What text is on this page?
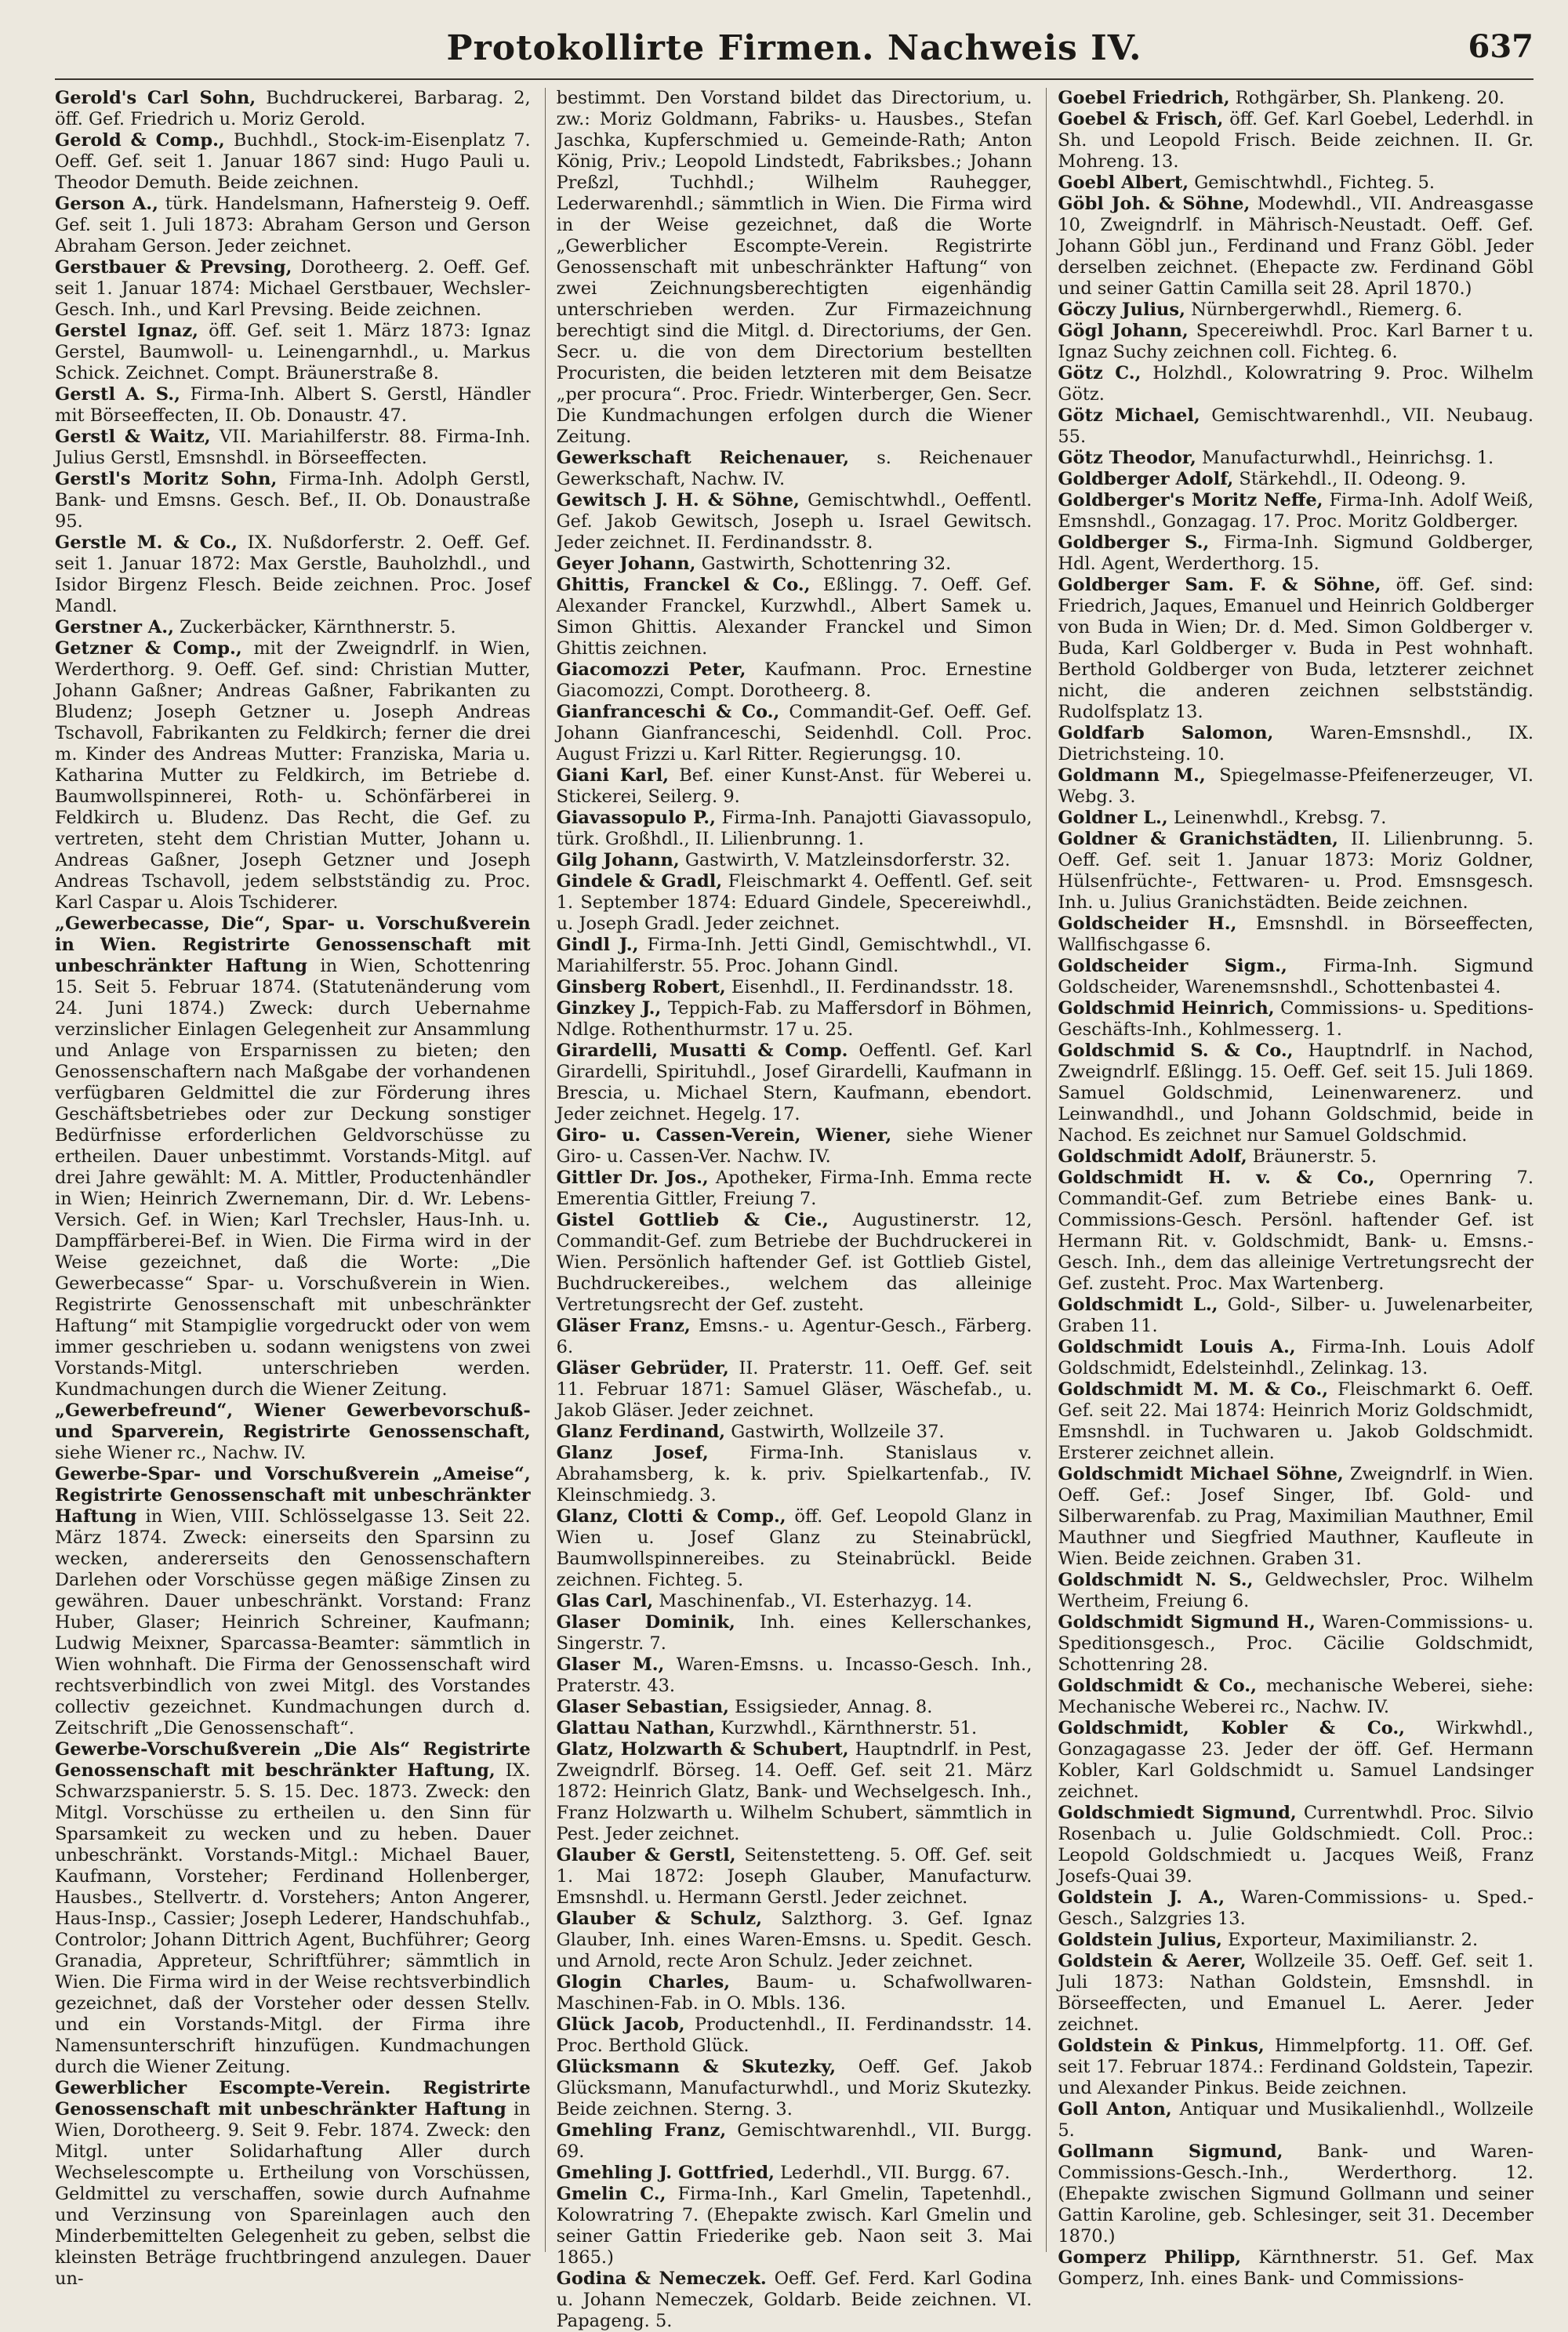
Protokollirte Firmen. Nachweis IV.	637

Gerold's Carl Sohn, Buchdruckerei, Barbarag. 2, öff. Gef. Friedrich u. Moriz Gerold.

Gerold & Comp., Buchhdl., Stock-im-Eisenplatz 7. Oeff. Gef. seit 1. Januar 1867 sind: Hugo Pauli u. Theodor Demuth. Beide zeichnen.

Gerson A., türk. Handelsmann, Hafnersteig 9. Oeff. Gef. seit 1. Juli 1873: Abraham Gerson und Gerson Abraham Gerson. Jeder zeichnet.

Gerstbauer & Prevsing, Dorotheerg. 2. Oeff. Gef. seit 1. Januar 1874: Michael Gerstbauer, Wechsler-Gesch. Inh., und Karl Prevsing. Beide zeichnen.

Gerstel Ignaz, öff. Gef. seit 1. März 1873: Ignaz Gerstel, Baumwoll- u. Leinengarnhdl., u. Markus Schick. Zeichnet. Compt. Bräunerstraße 8.

Gerstl A. S., Firma-Inh. Albert S. Gerstl, Händler mit Börseeffecten, II. Ob. Donaustr. 47.

Gerstl & Waitz, VII. Mariahilferstr. 88. Firma-Inh. Julius Gerstl, Emsnshdl. in Börseeffecten.

Gerstl's Moritz Sohn, Firma-Inh. Adolph Gerstl, Bank- und Emsns. Gesch. Bef., II. Ob. Donaustraße 95.

Gerstle M. & Co., IX. Nußdorferstr. 2. Oeff. Gef. seit 1. Januar 1872: Max Gerstle, Bauholzhdl., und Isidor Birgenz Flesch. Beide zeichnen. Proc. Josef Mandl.

Gerstner A., Zuckerbäcker, Kärnthnerstr. 5.

Getzner & Comp., mit der Zweigndrlf. in Wien, Werderthorg. 9. Oeff. Gef. sind: Christian Mutter, Johann Gaßner; Andreas Gaßner, Fabrikanten zu Bludenz; Joseph Getzner u. Joseph Andreas Tschavoll, Fabrikanten zu Feldkirch; ferner die drei m. Kinder des Andreas Mutter: Franziska, Maria u. Katharina Mutter zu Feldkirch, im Betriebe d. Baumwollspinnerei, Roth- u. Schönfärberei in Feldkirch u. Bludenz. Das Recht, die Gef. zu vertreten, steht dem Christian Mutter, Johann u. Andreas Gaßner, Joseph Getzner und Joseph Andreas Tschavoll, jedem selbstständig zu. Proc. Karl Caspar u. Alois Tschiderer.

„Gewerbecasse, Die“, Spar- u. Vorschußverein in Wien. Registrirte Genossenschaft mit unbeschränkter Haftung in Wien, Schottenring 15. Seit 5. Februar 1874. (Statutenänderung vom 24. Juni 1874.) Zweck: durch Uebernahme verzinslicher Einlagen Gelegenheit zur Ansammlung und Anlage von Ersparnissen zu bieten; den Genossenschaftern nach Maßgabe der vorhandenen verfügbaren Geldmittel die zur Förderung ihres Geschäftsbetriebes oder zur Deckung sonstiger Bedürfnisse erforderlichen Geldvorschüsse zu ertheilen. Dauer unbestimmt. Vorstands-Mitgl. auf drei Jahre gewählt: M. A. Mittler, Productenhändler in Wien; Heinrich Zwernemann, Dir. d. Wr. Lebens-Versich. Gef. in Wien; Karl Trechsler, Haus-Inh. u. Dampffärberei-Bef. in Wien. Die Firma wird in der Weise gezeichnet, daß die Worte: „Die Gewerbecasse“ Spar- u. Vorschußverein in Wien. Registrirte Genossenschaft mit unbeschränkter Haftung“ mit Stampiglie vorgedruckt oder von wem immer geschrieben u. sodann wenigstens von zwei Vorstands-Mitgl. unterschrieben werden. Kundmachungen durch die Wiener Zeitung.

„Gewerbefreund“, Wiener Gewerbevorschuß- und Sparverein, Registrirte Genossenschaft, siehe Wiener rc., Nachw. IV.

Gewerbe-Spar- und Vorschußverein „Ameise“, Registrirte Genossenschaft mit unbeschränkter Haftung in Wien, VIII. Schlösselgasse 13. Seit 22. März 1874. Zweck: einerseits den Sparsinn zu wecken, andererseits den Genossenschaftern Darlehen oder Vorschüsse gegen mäßige Zinsen zu gewähren. Dauer unbeschränkt. Vorstand: Franz Huber, Glaser; Heinrich Schreiner, Kaufmann; Ludwig Meixner, Sparcassa-Beamter: sämmtlich in Wien wohnhaft. Die Firma der Genossenschaft wird rechtsverbindlich von zwei Mitgl. des Vorstandes collectiv gezeichnet. Kundmachungen durch d. Zeitschrift „Die Genossenschaft“.

Gewerbe-Vorschußverein „Die Als“ Registrirte Genossenschaft mit beschränkter Haftung, IX. Schwarzspanierstr. 5. S. 15. Dec. 1873. Zweck: den Mitgl. Vorschüsse zu ertheilen u. den Sinn für Sparsamkeit zu wecken und zu heben. Dauer unbeschränkt. Vorstands-Mitgl.: Michael Bauer, Kaufmann, Vorsteher; Ferdinand Hollenberger, Hausbes., Stellvertr. d. Vorstehers; Anton Angerer, Haus-Insp., Cassier; Joseph Lederer, Handschuhfab., Controlor; Johann Dittrich Agent, Buchführer; Georg Granadia, Appreteur, Schriftführer; sämmtlich in Wien. Die Firma wird in der Weise rechtsverbindlich gezeichnet, daß der Vorsteher oder dessen Stellv. und ein Vorstands-Mitgl. der Firma ihre Namensunterschrift hinzufügen. Kundmachungen durch die Wiener Zeitung.

Gewerblicher Escompte-Verein. Registrirte Genossenschaft mit unbeschränkter Haftung in Wien, Dorotheerg. 9. Seit 9. Febr. 1874. Zweck: den Mitgl. unter Solidarhaftung Aller durch Wechselescompte u. Ertheilung von Vorschüssen, Geldmittel zu verschaffen, sowie durch Aufnahme und Verzinsung von Spareinlagen auch den Minderbemittelten Gelegenheit zu geben, selbst die kleinsten Beträge fruchtbringend anzulegen. Dauer un-

bestimmt. Den Vorstand bildet das Directorium, u. zw.: Moriz Goldmann, Fabriks- u. Hausbes., Stefan Jaschka, Kupferschmied u. Gemeinde-Rath; Anton König, Priv.; Leopold Lindstedt, Fabriksbes.; Johann Preßzl, Tuchhdl.; Wilhelm Rauhegger, Lederwarenhdl.; sämmtlich in Wien. Die Firma wird in der Weise gezeichnet, daß die Worte „Gewerblicher Escompte-Verein. Registrirte Genossenschaft mit unbeschränkter Haftung“ von zwei Zeichnungsberechtigten eigenhändig unterschrieben werden. Zur Firmazeichnung berechtigt sind die Mitgl. d. Directoriums, der Gen. Secr. u. die von dem Directorium bestellten Procuristen, die beiden letzteren mit dem Beisatze „per procura“. Proc. Friedr. Winterberger, Gen. Secr. Die Kundmachungen erfolgen durch die Wiener Zeitung.

Gewerkschaft Reichenauer, s. Reichenauer Gewerkschaft, Nachw. IV.

Gewitsch J. H. & Söhne, Gemischtwhdl., Oeffentl. Gef. Jakob Gewitsch, Joseph u. Israel Gewitsch. Jeder zeichnet. II. Ferdinandsstr. 8.

Geyer Johann, Gastwirth, Schottenring 32.

Ghittis, Franckel & Co., Eßlingg. 7. Oeff. Gef. Alexander Franckel, Kurzwhdl., Albert Samek u. Simon Ghittis. Alexander Franckel und Simon Ghittis zeichnen.

Giacomozzi Peter, Kaufmann. Proc. Ernestine Giacomozzi, Compt. Dorotheerg. 8.

Gianfranceschi & Co., Commandit-Gef. Oeff. Gef. Johann Gianfranceschi, Seidenhdl. Coll. Proc. August Frizzi u. Karl Ritter. Regierungsg. 10.

Giani Karl, Bef. einer Kunst-Anst. für Weberei u. Stickerei, Seilerg. 9.

Giavassopulo P., Firma-Inh. Panajotti Giavassopulo, türk. Großhdl., II. Lilienbrunng. 1.

Gilg Johann, Gastwirth, V. Matzleinsdorferstr. 32.

Gindele & Gradl, Fleischmarkt 4. Oeffentl. Gef. seit 1. September 1874: Eduard Gindele, Specereiwhdl., u. Joseph Gradl. Jeder zeichnet.

Gindl J., Firma-Inh. Jetti Gindl, Gemischtwhdl., VI. Mariahilferstr. 55. Proc. Johann Gindl.

Ginsberg Robert, Eisenhdl., II. Ferdinandsstr. 18.

Ginzkey J., Teppich-Fab. zu Maffersdorf in Böhmen, Ndlge. Rothenthurmstr. 17 u. 25.

Girardelli, Musatti & Comp. Oeffentl. Gef. Karl Girardelli, Spirituhdl., Josef Girardelli, Kaufmann in Brescia, u. Michael Stern, Kaufmann, ebendort. Jeder zeichnet. Hegelg. 17.

Giro- u. Cassen-Verein, Wiener, siehe Wiener Giro- u. Cassen-Ver. Nachw. IV.

Gittler Dr. Jos., Apotheker, Firma-Inh. Emma recte Emerentia Gittler, Freiung 7.

Gistel Gottlieb & Cie., Augustinerstr. 12, Commandit-Gef. zum Betriebe der Buchdruckerei in Wien. Persönlich haftender Gef. ist Gottlieb Gistel, Buchdruckereibes., welchem das alleinige Vertretungsrecht der Gef. zusteht.

Gläser Franz, Emsns.- u. Agentur-Gesch., Färberg. 6.

Gläser Gebrüder, II. Praterstr. 11. Oeff. Gef. seit 11. Februar 1871: Samuel Gläser, Wäschefab., u. Jakob Gläser. Jeder zeichnet.

Glanz Ferdinand, Gastwirth, Wollzeile 37.

Glanz Josef, Firma-Inh. Stanislaus v. Abrahamsberg, k. k. priv. Spielkartenfab., IV. Kleinschmiedg. 3.

Glanz, Clotti & Comp., öff. Gef. Leopold Glanz in Wien u. Josef Glanz zu Steinabrückl, Baumwollspinnereibes. zu Steinabrückl. Beide zeichnen. Fichteg. 5.

Glas Carl, Maschinenfab., VI. Esterhazyg. 14.

Glaser Dominik, Inh. eines Kellerschankes, Singerstr. 7.

Glaser M., Waren-Emsns. u. Incasso-Gesch. Inh., Praterstr. 43.

Glaser Sebastian, Essigsieder, Annag. 8.

Glattau Nathan, Kurzwhdl., Kärnthnerstr. 51.

Glatz, Holzwarth & Schubert, Hauptndrlf. in Pest, Zweigndrlf. Börseg. 14. Oeff. Gef. seit 21. März 1872: Heinrich Glatz, Bank- und Wechselgesch. Inh., Franz Holzwarth u. Wilhelm Schubert, sämmtlich in Pest. Jeder zeichnet.

Glauber & Gerstl, Seitenstetteng. 5. Off. Gef. seit 1. Mai 1872: Joseph Glauber, Manufacturw. Emsnshdl. u. Hermann Gerstl. Jeder zeichnet.

Glauber & Schulz, Salzthorg. 3. Gef. Ignaz Glauber, Inh. eines Waren-Emsns. u. Spedit. Gesch. und Arnold, recte Aron Schulz. Jeder zeichnet.

Glogin Charles, Baum- u. Schafwollwaren-Maschinen-Fab. in O. Mbls. 136.

Glück Jacob, Productenhdl., II. Ferdinandsstr. 14. Proc. Berthold Glück.

Glücksmann & Skutezky, Oeff. Gef. Jakob Glücksmann, Manufacturwhdl., und Moriz Skutezky. Beide zeichnen. Sterng. 3.

Gmehling Franz, Gemischtwarenhdl., VII. Burgg. 69.

Gmehling J. Gottfried, Lederhdl., VII. Burgg. 67.

Gmelin C., Firma-Inh., Karl Gmelin, Tapetenhdl., Kolowratring 7. (Ehepakte zwisch. Karl Gmelin und seiner Gattin Friederike geb. Naon seit 3. Mai 1865.)

Godina & Nemeczek. Oeff. Gef. Ferd. Karl Godina u. Johann Nemeczek, Goldarb. Beide zeichnen. VI. Papageng. 5.

Goebel Friedrich, Rothgärber, Sh. Plankeng. 20.

Goebel & Frisch, öff. Gef. Karl Goebel, Lederhdl. in Sh. und Leopold Frisch. Beide zeichnen. II. Gr. Mohreng. 13.

Goebl Albert, Gemischtwhdl., Fichteg. 5.

Göbl Joh. & Söhne, Modewhdl., VII. Andreasgasse 10, Zweigndrlf. in Mährisch-Neustadt. Oeff. Gef. Johann Göbl jun., Ferdinand und Franz Göbl. Jeder derselben zeichnet. (Ehepacte zw. Ferdinand Göbl und seiner Gattin Camilla seit 28. April 1870.)

Göczy Julius, Nürnbergerwhdl., Riemerg. 6.

Gögl Johann, Specereiwhdl. Proc. Karl Barner t u. Ignaz Suchy zeichnen coll. Fichteg. 6.

Götz C., Holzhdl., Kolowratring 9. Proc. Wilhelm Götz.

Götz Michael, Gemischtwarenhdl., VII. Neubaug. 55.

Götz Theodor, Manufacturwhdl., Heinrichsg. 1.

Goldberger Adolf, Stärkehdl., II. Odeong. 9.

Goldberger's Moritz Neffe, Firma-Inh. Adolf Weiß, Emsnshdl., Gonzagag. 17. Proc. Moritz Goldberger.

Goldberger S., Firma-Inh. Sigmund Goldberger, Hdl. Agent, Werderthorg. 15.

Goldberger Sam. F. & Söhne, öff. Gef. sind: Friedrich, Jaques, Emanuel und Heinrich Goldberger von Buda in Wien; Dr. d. Med. Simon Goldberger v. Buda, Karl Goldberger v. Buda in Pest wohnhaft. Berthold Goldberger von Buda, letzterer zeichnet nicht, die anderen zeichnen selbstständig. Rudolfsplatz 13.

Goldfarb Salomon, Waren-Emsnshdl., IX. Dietrichsteing. 10.

Goldmann M., Spiegelmasse-Pfeifenerzeuger, VI. Webg. 3.

Goldner L., Leinenwhdl., Krebsg. 7.

Goldner & Granichstädten, II. Lilienbrunng. 5. Oeff. Gef. seit 1. Januar 1873: Moriz Goldner, Hülsenfrüchte-, Fettwaren- u. Prod. Emsnsgesch. Inh. u. Julius Granichstädten. Beide zeichnen.

Goldscheider H., Emsnshdl. in Börseeffecten, Wallfischgasse 6.

Goldscheider Sigm., Firma-Inh. Sigmund Goldscheider, Warenemsnshdl., Schottenbastei 4.

Goldschmid Heinrich, Commissions- u. Speditions-Geschäfts-Inh., Kohlmesserg. 1.

Goldschmid S. & Co., Hauptndrlf. in Nachod, Zweigndrlf. Eßlingg. 15. Oeff. Gef. seit 15. Juli 1869. Samuel Goldschmid, Leinenwarenerz. und Leinwandhdl., und Johann Goldschmid, beide in Nachod. Es zeichnet nur Samuel Goldschmid.

Goldschmidt Adolf, Bräunerstr. 5.

Goldschmidt H. v. & Co., Opernring 7. Commandit-Gef. zum Betriebe eines Bank- u. Commissions-Gesch. Persönl. haftender Gef. ist Hermann Rit. v. Goldschmidt, Bank- u. Emsns.-Gesch. Inh., dem das alleinige Vertretungsrecht der Gef. zusteht. Proc. Max Wartenberg.

Goldschmidt L., Gold-, Silber- u. Juwelenarbeiter, Graben 11.

Goldschmidt Louis A., Firma-Inh. Louis Adolf Goldschmidt, Edelsteinhdl., Zelinkag. 13.

Goldschmidt M. M. & Co., Fleischmarkt 6. Oeff. Gef. seit 22. Mai 1874: Heinrich Moriz Goldschmidt, Emsnshdl. in Tuchwaren u. Jakob Goldschmidt. Ersterer zeichnet allein.

Goldschmidt Michael Söhne, Zweigndrlf. in Wien. Oeff. Gef.: Josef Singer, Ibf. Gold- und Silberwarenfab. zu Prag, Maximilian Mauthner, Emil Mauthner und Siegfried Mauthner, Kaufleute in Wien. Beide zeichnen. Graben 31.

Goldschmidt N. S., Geldwechsler, Proc. Wilhelm Wertheim, Freiung 6.

Goldschmidt Sigmund H., Waren-Commissions- u. Speditionsgesch., Proc. Cäcilie Goldschmidt, Schottenring 28.

Goldschmidt & Co., mechanische Weberei, siehe: Mechanische Weberei rc., Nachw. IV.

Goldschmidt, Kobler & Co., Wirkwhdl., Gonzagagasse 23. Jeder der öff. Gef. Hermann Kobler, Karl Goldschmidt u. Samuel Landsinger zeichnet.

Goldschmiedt Sigmund, Currentwhdl. Proc. Silvio Rosenbach u. Julie Goldschmiedt. Coll. Proc.: Leopold Goldschmiedt u. Jacques Weiß, Franz Josefs-Quai 39.

Goldstein J. A., Waren-Commissions- u. Sped.-Gesch., Salzgries 13.

Goldstein Julius, Exporteur, Maximilianstr. 2.

Goldstein & Aerer, Wollzeile 35. Oeff. Gef. seit 1. Juli 1873: Nathan Goldstein, Emsnshdl. in Börseeffecten, und Emanuel L. Aerer. Jeder zeichnet.

Goldstein & Pinkus, Himmelpfortg. 11. Off. Gef. seit 17. Februar 1874.: Ferdinand Goldstein, Tapezir. und Alexander Pinkus. Beide zeichnen.

Goll Anton, Antiquar und Musikalienhdl., Wollzeile 5.

Gollmann Sigmund, Bank- und Waren-Commissions-Gesch.-Inh., Werderthorg. 12. (Ehepakte zwischen Sigmund Gollmann und seiner Gattin Karoline, geb. Schlesinger, seit 31. December 1870.)

Gomperz Philipp, Kärnthnerstr. 51. Gef. Max Gomperz, Inh. eines Bank- und Commissions-
